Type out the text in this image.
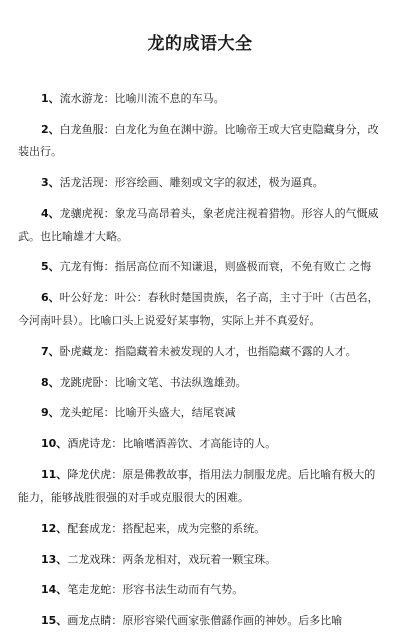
龙的成语大全

1、流水游龙：比喻川流不息的车马。

2、白龙鱼服：白龙化为鱼在渊中游。比喻帝王或大官吏隐藏身分，改装出行。

3、活龙活现：形容绘画、雕刻或文字的叙述，极为逼真。

4、龙骧虎视：象龙马高昂着头，象老虎注视着猎物。形容人的气慨威武。也比喻雄才大略。

5、亢龙有悔：指居高位而不知谦退，则盛极而衰，不免有败亡 之悔

6、叶公好龙：叶公：春秋时楚国贵族，名子高，主寸于叶（古邑名，今河南叶县）。比喻口头上说爱好某事物，实际上并不真爱好。

7、卧虎藏龙：指隐藏着未被发现的人才，也指隐藏不露的人才。

8、龙跳虎卧：比喻文笔、书法纵逸雄劲。

9、龙头蛇尾：比喻开头盛大，结尾衰减

10、酒虎诗龙：比喻嗜酒善饮、才高能诗的人。

11、降龙伏虎：原是佛教故事，指用法力制服龙虎。后比喻有极大的能力，能够战胜很强的对手或克服很大的困难。

12、配套成龙：搭配起来，成为完整的系统。

13、二龙戏珠：两条龙相对，戏玩着一颗宝珠。

14、笔走龙蛇：形容书法生动而有气势。

15、画龙点睛：原形容梁代画家张僧繇作画的神妙。后多比喻
